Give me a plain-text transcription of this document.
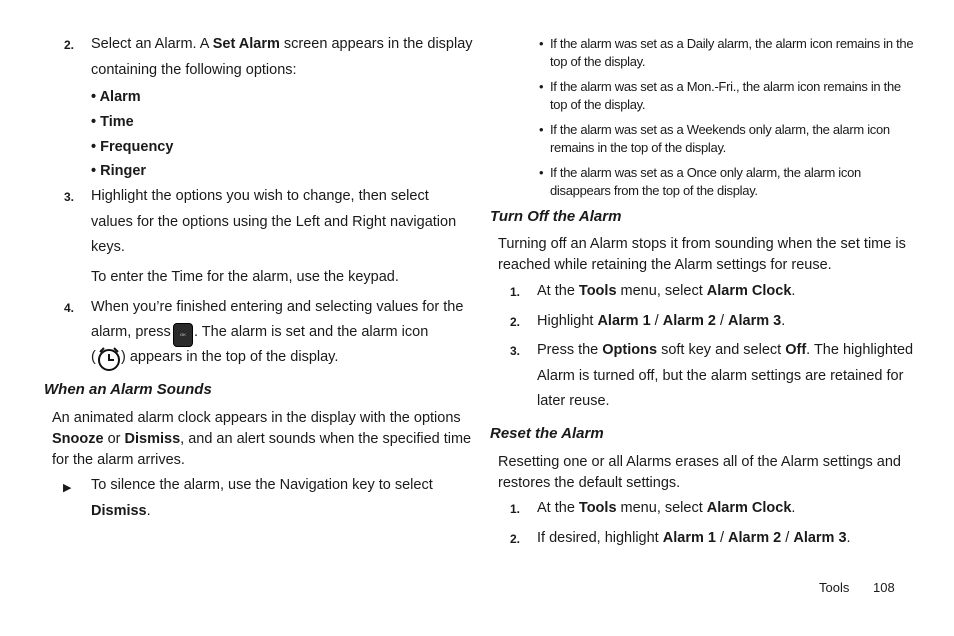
2. Select an Alarm. A Set Alarm screen appears in the display
containing the following options:
• Alarm
• Time
• Frequency
• Ringer
3. Highlight the options you wish to change, then select
values for the options using the Left and Right navigation
keys.
To enter the Time for the alarm, use the keypad.
4. When you’re finished entering and selecting values for the
alarm, press	OK . The alarm is set and the alarm icon
( ) appears in the top of the display.
When an Alarm Sounds
An animated alarm clock appears in the display with the options
Snooze or Dismiss, and an alert sounds when the specified time
for the alarm arrives.
▶ To silence the alarm, use the Navigation key to select
Dismiss.
• If the alarm was set as a Daily alarm, the alarm icon remains in the
top of the display.
• If the alarm was set as a Mon.-Fri., the alarm icon remains in the
top of the display.
• If the alarm was set as a Weekends only alarm, the alarm icon
remains in the top of the display.
• If the alarm was set as a Once only alarm, the alarm icon
disappears from the top of the display.
Turn Off the Alarm
Turning off an Alarm stops it from sounding when the set time is
reached while retaining the Alarm settings for reuse.
1. At the Tools menu, select Alarm Clock.
2. Highlight Alarm 1 / Alarm 2 / Alarm 3.
3. Press the Options soft key and select Off. The highlighted
Alarm is turned off, but the alarm settings are retained for
later reuse.
Reset the Alarm
Resetting one or all Alarms erases all of the Alarm settings and
restores the default settings.
1. At the Tools menu, select Alarm Clock.
2. If desired, highlight Alarm 1 / Alarm 2 / Alarm 3.
Tools 108
